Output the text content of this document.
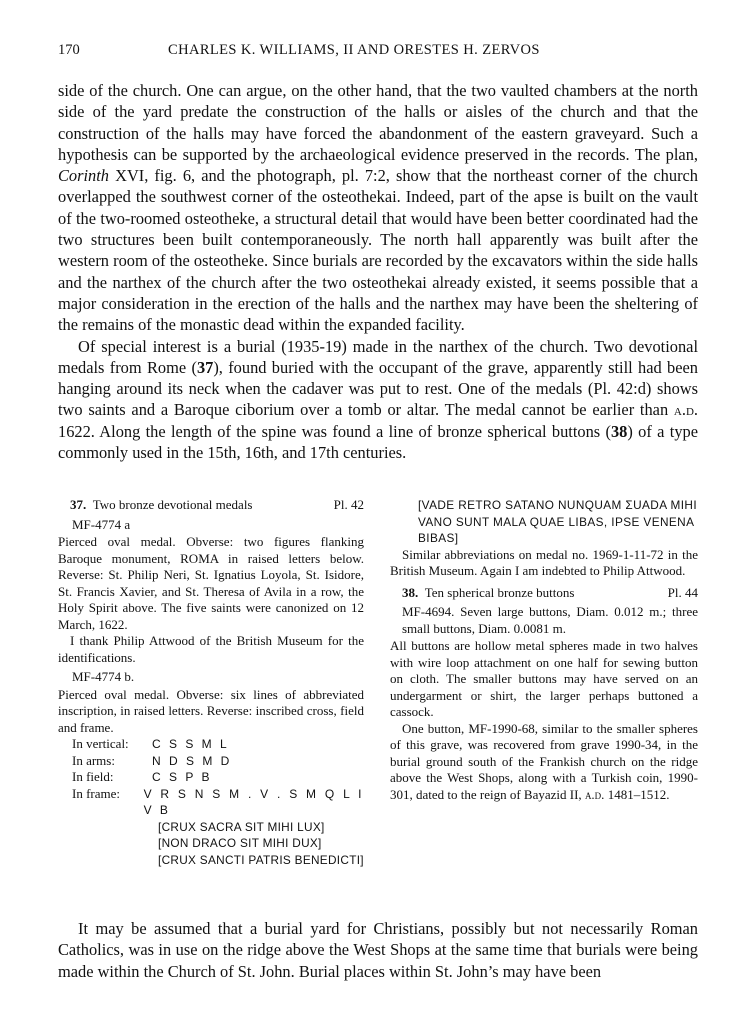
170	CHARLES K. WILLIAMS, II AND ORESTES H. ZERVOS

side of the church. One can argue, on the other hand, that the two vaulted chambers at the north side of the yard predate the construction of the halls or aisles of the church and that the construction of the halls may have forced the abandonment of the eastern graveyard. Such a hypothesis can be supported by the archaeological evidence preserved in the records. The plan, Corinth XVI, fig. 6, and the photograph, pl. 7:2, show that the northeast corner of the church overlapped the southwest corner of the osteothekai. Indeed, part of the apse is built on the vault of the two-roomed osteotheke, a structural detail that would have been better coordinated had the two structures been built contemporaneously. The north hall apparently was built after the western room of the osteotheke. Since burials are recorded by the excavators within the side halls and the narthex of the church after the two osteothekai already existed, it seems possible that a major consideration in the erection of the halls and the narthex may have been the sheltering of the remains of the monastic dead within the expanded facility.

Of special interest is a burial (1935-19) made in the narthex of the church. Two devotional medals from Rome (37), found buried with the occupant of the grave, apparently still had been hanging around its neck when the cadaver was put to rest. One of the medals (Pl. 42:d) shows two saints and a Baroque ciborium over a tomb or altar. The medal cannot be earlier than a.d. 1622. Along the length of the spine was found a line of bronze spherical buttons (38) of a type commonly used in the 15th, 16th, and 17th centuries.

37. Two bronze devotional medals	Pl. 42
MF-4774 a

Pierced oval medal. Obverse: two figures flanking Baroque monument, ROMA in raised letters below. Reverse: St. Philip Neri, St. Ignatius Loyola, St. Isidore, St. Francis Xavier, and St. Theresa of Avila in a row, the Holy Spirit above. The five saints were canonized on 12 March, 1622.

I thank Philip Attwood of the British Museum for the identifications.

MF-4774 b.

Pierced oval medal. Obverse: six lines of abbreviated inscription, in raised letters. Reverse: inscribed cross, field and frame.

In vertical:	C S S M L
In arms:	N D S M D
In field:	C S P B
In frame:	V R S N S M . V . S M Q L I V B
[CRUX SACRA SIT MIHI LUX]
[NON DRACO SIT MIHI DUX]
[CRUX SANCTI PATRIS BENEDICTI]
[VADE RETRO SATANO NUNQUAM ΣUADA MIHI VANO SUNT MALA QUAE LIBAS, IPSE VENENA BIBAS]

Similar abbreviations on medal no. 1969-1-11-72 in the British Museum. Again I am indebted to Philip Attwood.

38. Ten spherical bronze buttons	Pl. 44
MF-4694. Seven large buttons, Diam. 0.012 m.; three small buttons, Diam. 0.0081 m.

All buttons are hollow metal spheres made in two halves with wire loop attachment on one half for sewing button on cloth. The smaller buttons may have served on an undergarment or shirt, the larger perhaps buttoned a cassock.

One button, MF-1990-68, similar to the smaller spheres of this grave, was recovered from grave 1990-34, in the burial ground south of the Frankish church on the ridge above the West Shops, along with a Turkish coin, 1990-301, dated to the reign of Bayazid II, a.d. 1481–1512.

It may be assumed that a burial yard for Christians, possibly but not necessarily Roman Catholics, was in use on the ridge above the West Shops at the same time that burials were being made within the Church of St. John. Burial places within St. John’s may have been
